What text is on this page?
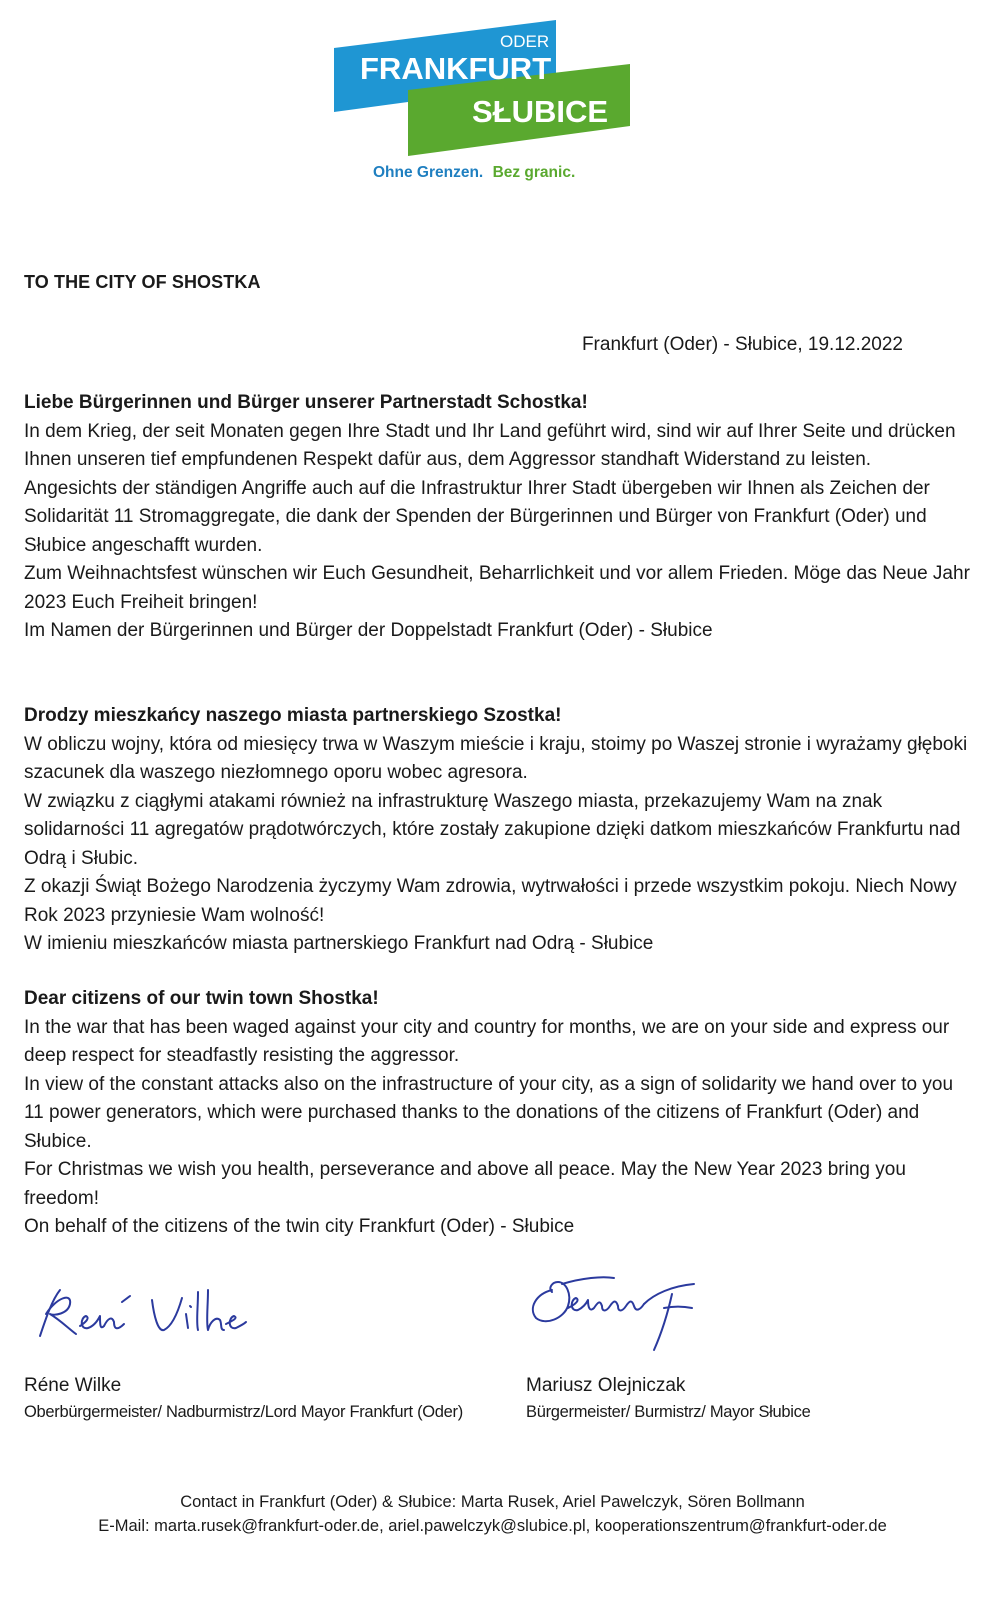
ODER
FRANKFURT
SŁUBICE
Ohne Grenzen. Bez granic.
TO THE CITY OF SHOSTKA
Frankfurt (Oder) - Słubice, 19.12.2022

Liebe Bürgerinnen und Bürger unserer Partnerstadt Schostka!

In dem Krieg, der seit Monaten gegen Ihre Stadt und Ihr Land geführt wird, sind wir auf Ihrer Seite und drücken Ihnen unseren tief empfundenen Respekt dafür aus, dem Aggressor standhaft Widerstand zu leisten.

Angesichts der ständigen Angriffe auch auf die Infrastruktur Ihrer Stadt übergeben wir Ihnen als Zeichen der Solidarität 11 Stromaggregate, die dank der Spenden der Bürgerinnen und Bürger von Frankfurt (Oder) und Słubice angeschafft wurden.

Zum Weihnachtsfest wünschen wir Euch Gesundheit, Beharrlichkeit und vor allem Frieden. Möge das Neue Jahr 2023 Euch Freiheit bringen!

Im Namen der Bürgerinnen und Bürger der Doppelstadt Frankfurt (Oder) - Słubice

Drodzy mieszkańcy naszego miasta partnerskiego Szostka!

W obliczu wojny, która od miesięcy trwa w Waszym mieście i kraju, stoimy po Waszej stronie i wyrażamy głęboki szacunek dla waszego niezłomnego oporu wobec agresora.

W związku z ciągłymi atakami również na infrastrukturę Waszego miasta, przekazujemy Wam na znak solidarności 11 agregatów prądotwórczych, które zostały zakupione dzięki datkom mieszkańców Frankfurtu nad Odrą i Słubic.

Z okazji Świąt Bożego Narodzenia życzymy Wam zdrowia, wytrwałości i przede wszystkim pokoju. Niech Nowy Rok 2023 przyniesie Wam wolność!

W imieniu mieszkańców miasta partnerskiego Frankfurt nad Odrą - Słubice

Dear citizens of our twin town Shostka!

In the war that has been waged against your city and country for months, we are on your side and express our deep respect for steadfastly resisting the aggressor.

In view of the constant attacks also on the infrastructure of your city, as a sign of solidarity we hand over to you 11 power generators, which were purchased thanks to the donations of the citizens of Frankfurt (Oder) and Słubice.

For Christmas we wish you health, perseverance and above all peace. May the New Year 2023 bring you freedom!

On behalf of the citizens of the twin city Frankfurt (Oder) - Słubice

Réne Wilke
Oberbürgermeister/ Nadburmistrz/Lord Mayor Frankfurt (Oder)
Mariusz Olejniczak
Bürgermeister/ Burmistrz/ Mayor Słubice
Contact in Frankfurt (Oder) & Słubice: Marta Rusek, Ariel Pawelczyk, Sören Bollmann
E-Mail: marta.rusek@frankfurt-oder.de, ariel.pawelczyk@slubice.pl, kooperationszentrum@frankfurt-oder.de
